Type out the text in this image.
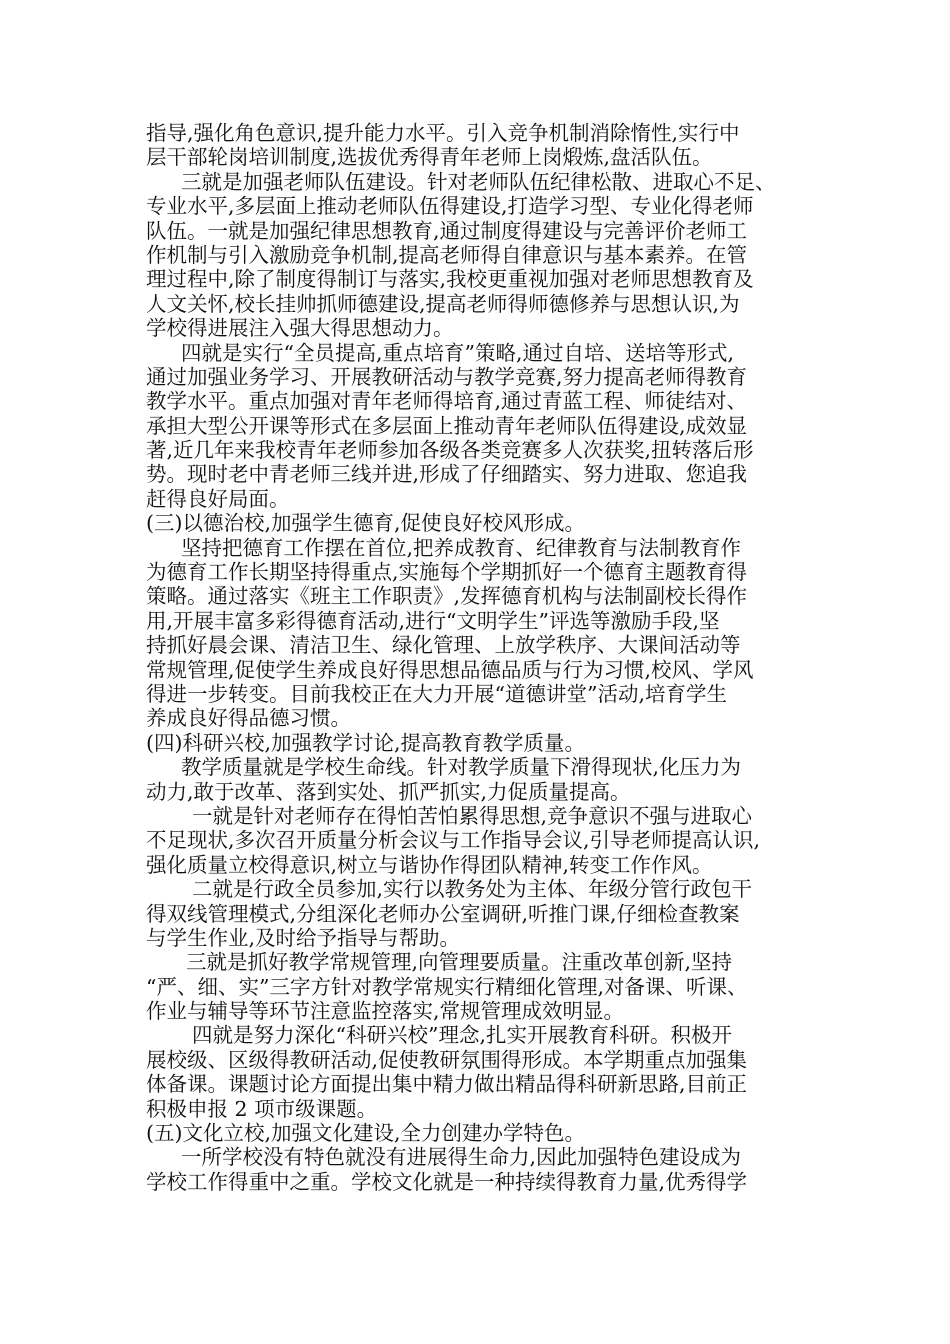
指导,强化角色意识,提升能力水平。引入竞争机制消除惰性,实行中
层干部轮岗培训制度,选拔优秀得青年老师上岗煅炼,盘活队伍。
三就是加强老师队伍建设。针对老师队伍纪律松散、进取心不足、
专业水平,多层面上推动老师队伍得建设,打造学习型、专业化得老师
队伍。一就是加强纪律思想教育,通过制度得建设与完善评价老师工
作机制与引入激励竞争机制,提高老师得自律意识与基本素养。在管
理过程中,除了制度得制订与落实,我校更重视加强对老师思想教育及
人文关怀,校长挂帅抓师德建设,提高老师得师德修养与思想认识,为
学校得进展注入强大得思想动力。
四就是实行“全员提高,重点培育”策略,通过自培、送培等形式,
通过加强业务学习、开展教研活动与教学竞赛,努力提高老师得教育
教学水平。重点加强对青年老师得培育,通过青蓝工程、师徒结对、
承担大型公开课等形式在多层面上推动青年老师队伍得建设,成效显
著,近几年来我校青年老师参加各级各类竞赛多人次获奖,扭转落后形
势。现时老中青老师三线并进,形成了仔细踏实、努力进取、您追我
赶得良好局面。
(三)以德治校,加强学生德育,促使良好校风形成。
坚持把德育工作摆在首位,把养成教育、纪律教育与法制教育作
为德育工作长期坚持得重点,实施每个学期抓好一个德育主题教育得
策略。通过落实《班主工作职责》,发挥德育机构与法制副校长得作
用,开展丰富多彩得德育活动,进行“文明学生”评选等激励手段,坚
持抓好晨会课、清洁卫生、绿化管理、上放学秩序、大课间活动等
常规管理,促使学生养成良好得思想品德品质与行为习惯,校风、学风
得进一步转变。目前我校正在大力开展“道德讲堂”活动,培育学生
养成良好得品德习惯。
(四)科研兴校,加强教学讨论,提高教育教学质量。
教学质量就是学校生命线。针对教学质量下滑得现状,化压力为
动力,敢于改革、落到实处、抓严抓实,力促质量提高。
一就是针对老师存在得怕苦怕累得思想,竞争意识不强与进取心
不足现状,多次召开质量分析会议与工作指导会议,引导老师提高认识,
强化质量立校得意识,树立与谐协作得团队精神,转变工作作风。
二就是行政全员参加,实行以教务处为主体、年级分管行政包干
得双线管理模式,分组深化老师办公室调研,听推门课,仔细检查教案
与学生作业,及时给予指导与帮助。
三就是抓好教学常规管理,向管理要质量。注重改革创新,坚持
“严、细、实”三字方针对教学常规实行精细化管理,对备课、听课、
作业与辅导等环节注意监控落实,常规管理成效明显。
四就是努力深化“科研兴校”理念,扎实开展教育科研。积极开
展校级、区级得教研活动,促使教研氛围得形成。本学期重点加强集
体备课。课题讨论方面提出集中精力做出精品得科研新思路,目前正
积极申报 2 项市级课题。
(五)文化立校,加强文化建设,全力创建办学特色。
一所学校没有特色就没有进展得生命力,因此加强特色建设成为
学校工作得重中之重。学校文化就是一种持续得教育力量,优秀得学
